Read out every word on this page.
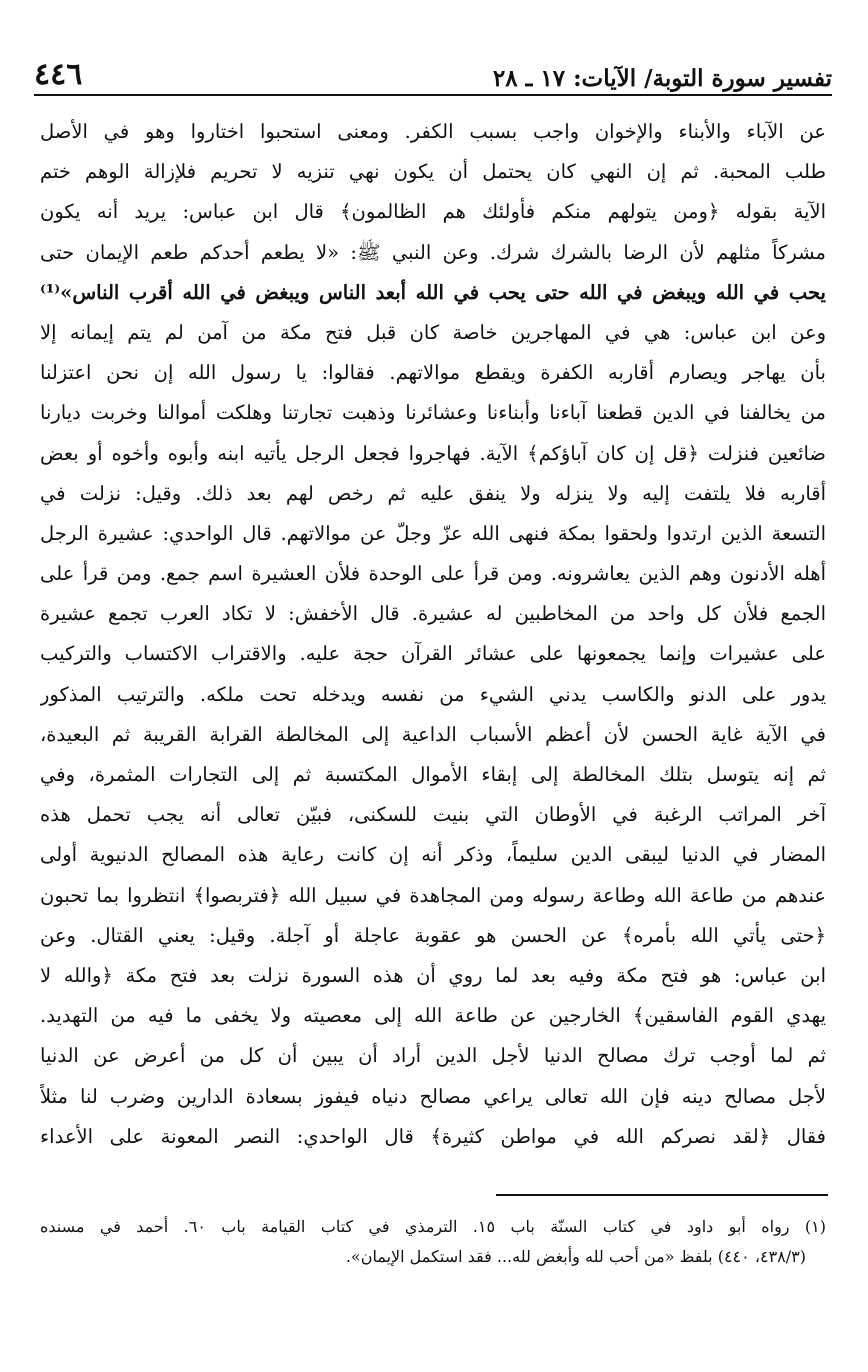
تفسير سورة التوبة/ الآيات: ١٧ ـ ٢٨
٤٤٦
عن الآباء والأبناء والإخوان واجب بسبب الكفر. ومعنى استحبوا اختاروا وهو في الأصل
طلب المحبة. ثم إن النهي كان يحتمل أن يكون نهي تنزيه لا تحريم فلإزالة الوهم ختم
الآية بقوله ﴿ومن يتولهم منكم فأولئك هم الظالمون﴾ قال ابن عباس: يريد أنه يكون
مشركاً مثلهم لأن الرضا بالشرك شرك. وعن النبي ﷺ: «لا يطعم أحدكم طعم الإيمان حتى
يحب في الله ويبغض في الله حتى يحب في الله أبعد الناس ويبغض في الله أقرب الناس»⁽¹⁾
وعن ابن عباس: هي في المهاجرين خاصة كان قبل فتح مكة من آمن لم يتم إيمانه إلا
بأن يهاجر ويصارم أقاربه الكفرة ويقطع موالاتهم. فقالوا: يا رسول الله إن نحن اعتزلنا
من يخالفنا في الدين قطعنا آباءنا وأبناءنا وعشائرنا وذهبت تجارتنا وهلكت أموالنا وخربت ديارنا
ضائعين فنزلت ﴿قل إن كان آباؤكم﴾ الآية. فهاجروا فجعل الرجل يأتيه ابنه وأبوه وأخوه أو بعض
أقاربه فلا يلتفت إليه ولا ينزله ولا ينفق عليه ثم رخص لهم بعد ذلك. وقيل: نزلت في
التسعة الذين ارتدوا ولحقوا بمكة فنهى الله عزّ وجلّ عن موالاتهم. قال الواحدي: عشيرة الرجل
أهله الأدنون وهم الذين يعاشرونه. ومن قرأ على الوحدة فلأن العشيرة اسم جمع. ومن قرأ على
الجمع فلأن كل واحد من المخاطبين له عشيرة. قال الأخفش: لا تكاد العرب تجمع عشيرة
على عشيرات وإنما يجمعونها على عشائر القرآن حجة عليه. والاقتراب الاكتساب والتركيب
يدور على الدنو والكاسب يدني الشيء من نفسه ويدخله تحت ملكه. والترتيب المذكور
في الآية غاية الحسن لأن أعظم الأسباب الداعية إلى المخالطة القرابة القريبة ثم البعيدة،
ثم إنه يتوسل بتلك المخالطة إلى إبقاء الأموال المكتسبة ثم إلى التجارات المثمرة، وفي
آخر المراتب الرغبة في الأوطان التي بنيت للسكنى، فبيّن تعالى أنه يجب تحمل هذه
المضار في الدنيا ليبقى الدين سليماً، وذكر أنه إن كانت رعاية هذه المصالح الدنيوية أولى
عندهم من طاعة الله وطاعة رسوله ومن المجاهدة في سبيل الله ﴿فتربصوا﴾ انتظروا بما تحبون
﴿حتى يأتي الله بأمره﴾ عن الحسن هو عقوبة عاجلة أو آجلة. وقيل: يعني القتال. وعن
ابن عباس: هو فتح مكة وفيه بعد لما روي أن هذه السورة نزلت بعد فتح مكة ﴿والله لا
يهدي القوم الفاسقين﴾ الخارجين عن طاعة الله إلى معصيته ولا يخفى ما فيه من التهديد.
ثم لما أوجب ترك مصالح الدنيا لأجل الدين أراد أن يبين أن كل من أعرض عن الدنيا
لأجل مصالح دينه فإن الله تعالى يراعي مصالح دنياه فيفوز بسعادة الدارين وضرب لنا مثلاً
فقال ﴿لقد نصركم الله في مواطن كثيرة﴾ قال الواحدي: النصر المعونة على الأعداء
(١) رواه أبو داود في كتاب السنّة باب ١٥. الترمذي في كتاب القيامة باب ٦٠. أحمد في مسنده
(٤٣٨/٣، ٤٤٠) بلفظ «من أحب لله وأبغض لله... فقد استكمل الإيمان».
